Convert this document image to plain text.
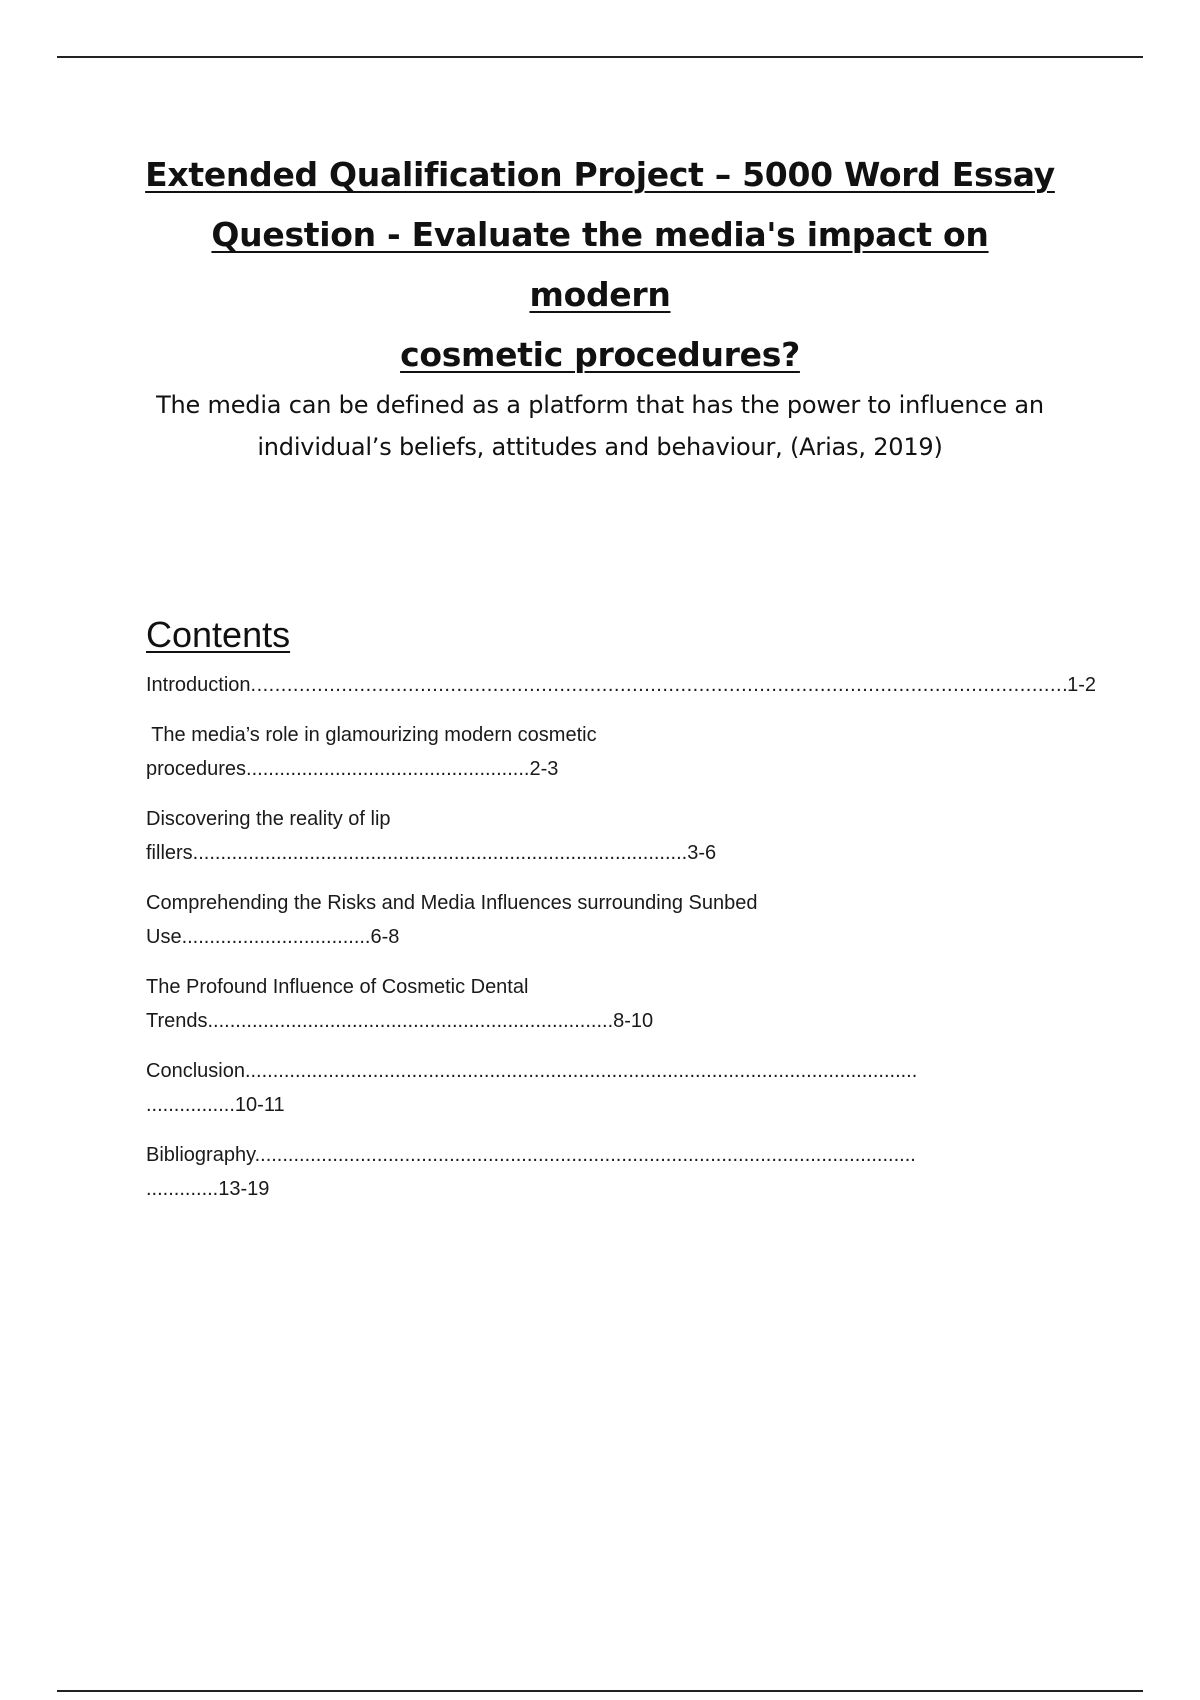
Extended Qualification Project – 5000 Word Essay
Question - Evaluate the media's impact on modern
cosmetic procedures?

The media can be defined as a platform that has the power to influence an
individual’s beliefs, attitudes and behaviour, (Arias, 2019)

Contents
Introduction
.....	1-2
The media’s role in glamourizing modern cosmetic
procedures...................................................2-3
Discovering the reality of lip
fillers.........................................................................................3-6
Comprehending the Risks and Media Influences surrounding Sunbed
Use..................................6-8
The Profound Influence of Cosmetic Dental
Trends.........................................................................8-10
Conclusion.........................................................................................................................
................10-11
Bibliography.......................................................................................................................
.............13-19
